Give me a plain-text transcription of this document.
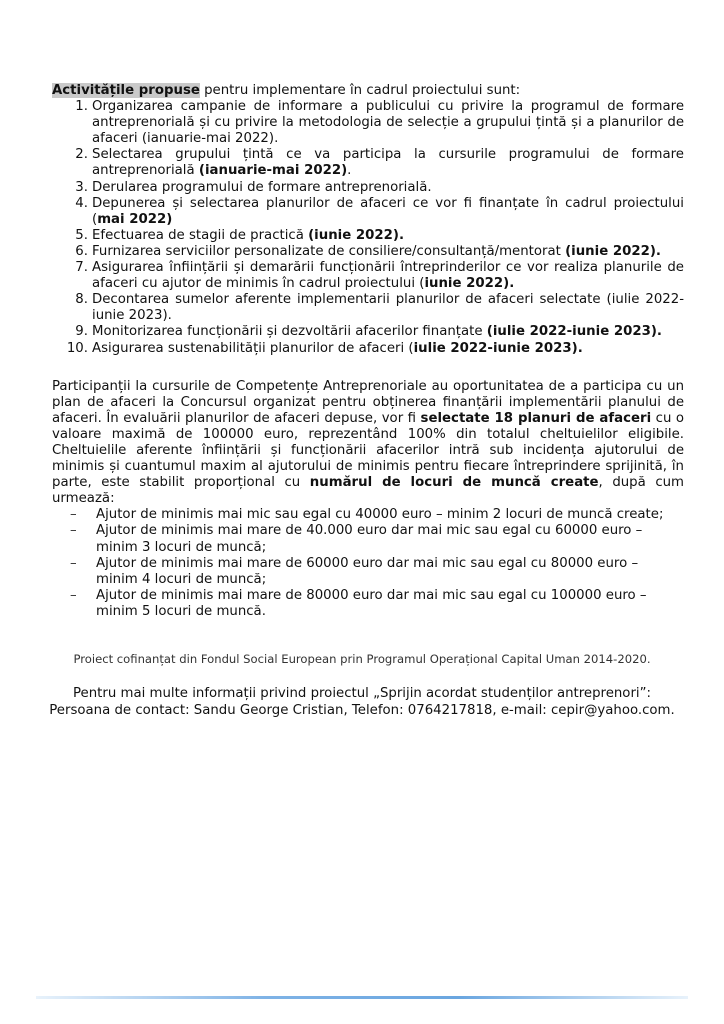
Activitățile propuse pentru implementare în cadrul proiectului sunt:

Organizarea campanie de informare a publicului cu privire la programul de formare antreprenorială și cu privire la metodologia de selecție a grupului țintă și a planurilor de afaceri (ianuarie-mai 2022).
Selectarea grupului țintă ce va participa la cursurile programului de formare antreprenorială (ianuarie-mai 2022).
Derularea programului de formare antreprenorială.
Depunerea și selectarea planurilor de afaceri ce vor fi finanțate în cadrul proiectului (mai 2022)
Efectuarea de stagii de practică (iunie 2022).
Furnizarea serviciilor personalizate de consiliere/consultanță/mentorat (iunie 2022).
Asigurarea înființării și demarării funcționării întreprinderilor ce vor realiza planurile de afaceri cu ajutor de minimis în cadrul proiectului (iunie 2022).
Decontarea sumelor aferente implementarii planurilor de afaceri selectate (iulie 2022-iunie 2023).
Monitorizarea funcționării și dezvoltării afacerilor finanțate (iulie 2022-iunie 2023).
Asigurarea sustenabilității planurilor de afaceri (iulie 2022-iunie 2023).

Participanții la cursurile de Competențe Antreprenoriale au oportunitatea de a participa cu un plan de afaceri la Concursul organizat pentru obținerea finanțării implementării planului de afaceri. În evaluării planurilor de afaceri depuse, vor fi selectate 18 planuri de afaceri cu o valoare maximă de 100000 euro, reprezentând 100% din totalul cheltuielilor eligibile. Cheltuielile aferente înființării și funcționării afacerilor intră sub incidența ajutorului de minimis și cuantumul maxim al ajutorului de minimis pentru fiecare întreprindere sprijinită, în parte, este stabilit proporțional cu numărul de locuri de muncă create, după cum urmează:

– Ajutor de minimis mai mic sau egal cu 40000 euro – minim 2 locuri de muncă create;
– Ajutor de minimis mai mare de 40.000 euro dar mai mic sau egal cu 60000 euro – minim 3 locuri de muncă;
– Ajutor de minimis mai mare de 60000 euro dar mai mic sau egal cu 80000 euro – minim 4 locuri de muncă;
– Ajutor de minimis mai mare de 80000 euro dar mai mic sau egal cu 100000 euro – minim 5 locuri de muncă.
Proiect cofinanțat din Fondul Social European prin Programul Operațional Capital Uman 2014-2020.
Pentru mai multe informații privind proiectul „Sprijin acordat studenților antreprenori”:
Persoana de contact: Sandu George Cristian, Telefon: 0764217818, e-mail: cepir@yahoo.com.
